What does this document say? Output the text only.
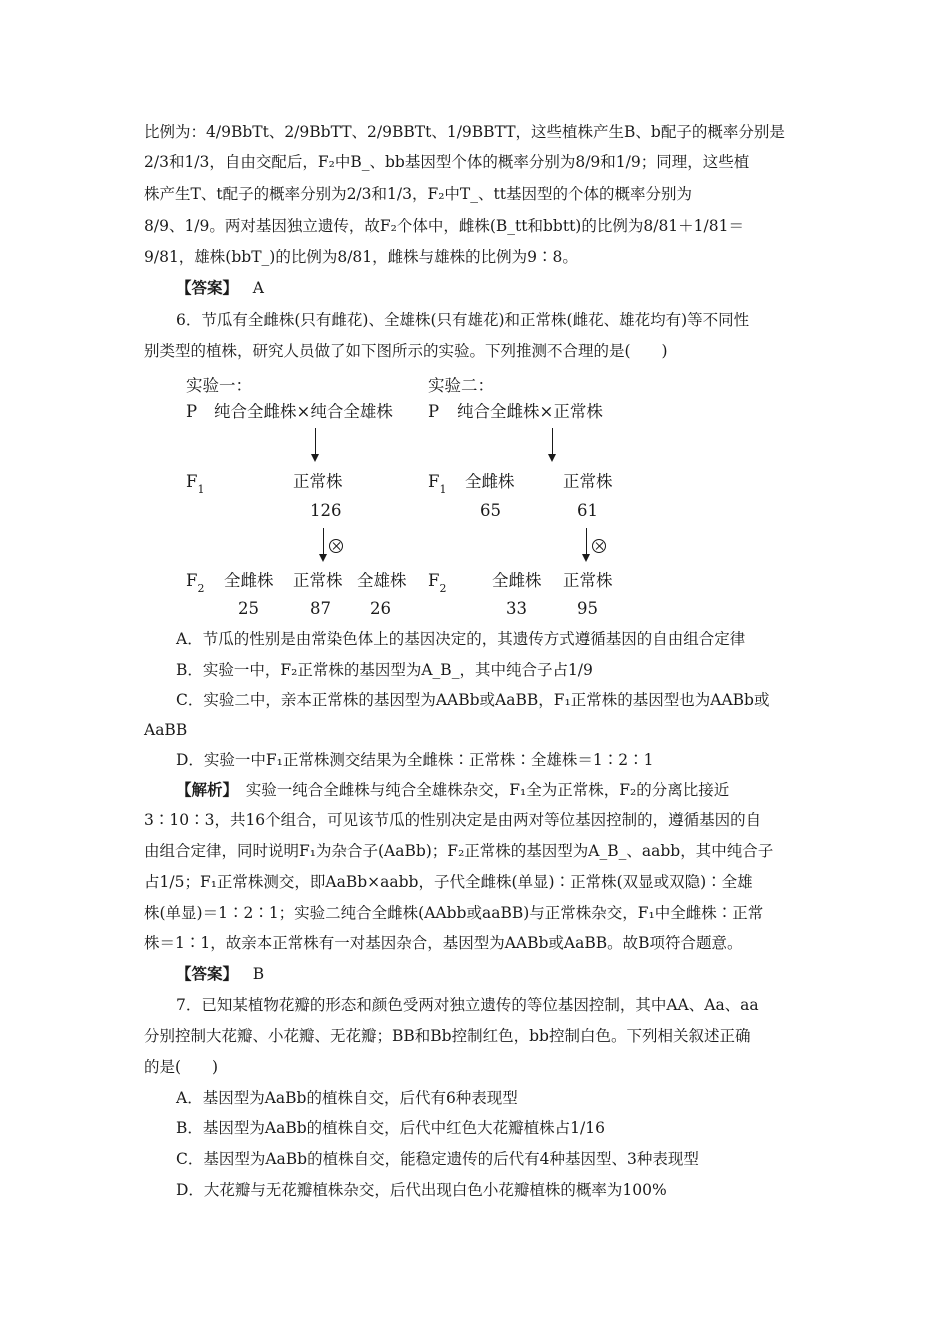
比例为：4/9BbTt、2/9BbTT、2/9BBTt、1/9BBTT，这些植株产生B、b配子的概率分别是
2/3和1/3，自由交配后，F₂中B_、bb基因型个体的概率分别为8/9和1/9；同理，这些植
株产生T、t配子的概率分别为2/3和1/3，F₂中T_、tt基因型的个体的概率分别为
8/9、1/9。两对基因独立遗传，故F₂个体中，雌株(B_tt和bbtt)的比例为8/81＋1/81＝
9/81，雄株(bbT_)的比例为8/81，雌株与雄株的比例为9∶8。
【答案】 A
6．节瓜有全雌株(只有雌花)、全雄株(只有雄花)和正常株(雌花、雄花均有)等不同性
别类型的植株，研究人员做了如下图所示的实验。下列推测不合理的是(　　)
实验一：
P 纯合全雌株×纯合全雄株
$F_1$	正常株
126
$F_2$ 全雌株 正常株 全雄株
25	87 26
实验二：
P 纯合全雌株×正常株
$F_1$ 全雌株	正常株
65	61
$F_2$	全雌株 正常株
33	95
A．节瓜的性别是由常染色体上的基因决定的，其遗传方式遵循基因的自由组合定律
B．实验一中，F₂正常株的基因型为A_B_，其中纯合子占1/9
C．实验二中，亲本正常株的基因型为AABb或AaBB，F₁正常株的基因型也为AABb或
AaBB
D．实验一中F₁正常株测交结果为全雌株∶正常株∶全雄株＝1∶2∶1
【解析】　实验一纯合全雌株与纯合全雄株杂交，F₁全为正常株，F₂的分离比接近
3∶10∶3，共16个组合，可见该节瓜的性别决定是由两对等位基因控制的，遵循基因的自
由组合定律，同时说明F₁为杂合子(AaBb)；F₂正常株的基因型为A_B_、aabb，其中纯合子
占1/5；F₁正常株测交，即AaBb×aabb，子代全雌株(单显)∶正常株(双显或双隐)∶全雄
株(单显)＝1∶2∶1；实验二纯合全雌株(AAbb或aaBB)与正常株杂交，F₁中全雌株∶正常
株＝1∶1，故亲本正常株有一对基因杂合，基因型为AABb或AaBB。故B项符合题意。
【答案】 B
7．已知某植物花瓣的形态和颜色受两对独立遗传的等位基因控制，其中AA、Aa、aa
分别控制大花瓣、小花瓣、无花瓣；BB和Bb控制红色，bb控制白色。下列相关叙述正确
的是(　　)
A．基因型为AaBb的植株自交，后代有6种表现型
B．基因型为AaBb的植株自交，后代中红色大花瓣植株占1/16
C．基因型为AaBb的植株自交，能稳定遗传的后代有4种基因型、3种表现型
D．大花瓣与无花瓣植株杂交，后代出现白色小花瓣植株的概率为100%
